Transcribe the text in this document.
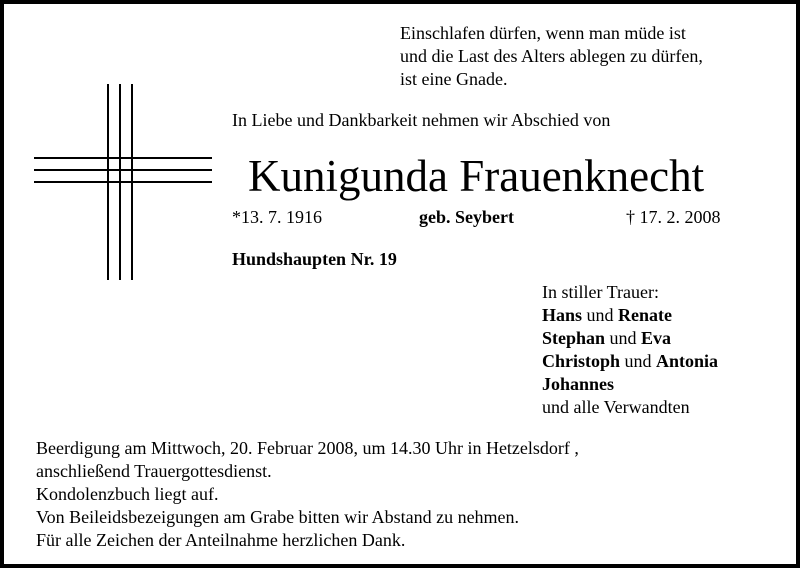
Einschlafen dürfen, wenn man müde ist
und die Last des Alters ablegen zu dürfen,
ist eine Gnade.
In Liebe und Dankbarkeit nehmen wir Abschied von
Kunigunda Frauenknecht
*13. 7. 1916	geb. Seybert	† 17. 2. 2008
Hundshaupten Nr. 19
In stiller Trauer:
Hans und Renate
Stephan und Eva
Christoph und Antonia
Johannes
und alle Verwandten
Beerdigung am Mittwoch, 20. Februar 2008, um 14.30 Uhr in Hetzelsdorf ,
anschließend Trauergottesdienst.
Kondolenzbuch liegt auf.
Von Beileidsbezeigungen am Grabe bitten wir Abstand zu nehmen.
Für alle Zeichen der Anteilnahme herzlichen Dank.
